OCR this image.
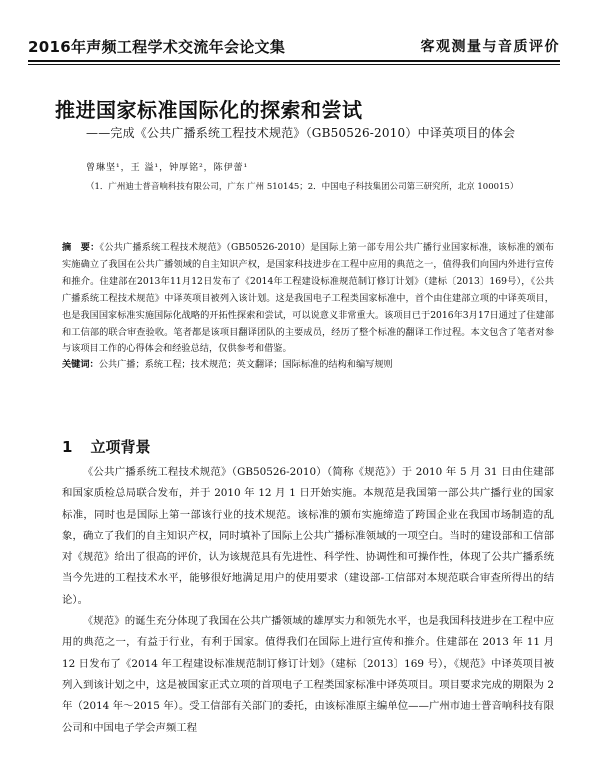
2016年声频工程学术交流年会论文集	客观测量与音质评价
推进国家标准国际化的探索和尝试
——完成《公共广播系统工程技术规范》（GB50526-2010）中译英项目的体会
曾琳坚¹，王 溢¹，钟厚铭²，陈伊蕾¹
（1．广州迪士普音响科技有限公司，广东 广州 510145；2．中国电子科技集团公司第三研究所，北京 100015）
摘　要：《公共广播系统工程技术规范》（GB50526-2010）是国际上第一部专用公共广播行业国家标准，该标准的颁布实施确立了我国在公共广播领域的自主知识产权，是国家科技进步在工程中应用的典范之一，值得我们向国内外进行宣传和推介。住建部在2013年11月12日发布了《2014年工程建设标准规范制订修订计划》（建标〔2013〕169号），《公共广播系统工程技术规范》中译英项目被列入该计划。这是我国电子工程类国家标准中，首个由住建部立项的中译英项目，也是我国国家标准实施国际化战略的开拓性探索和尝试，可以说意义非常重大。该项目已于2016年3月17日通过了住建部和工信部的联合审查验收。笔者都是该项目翻译团队的主要成员，经历了整个标准的翻译工作过程。本文包含了笔者对参与该项目工作的心得体会和经验总结，仅供参考和借鉴。
关键词：公共广播；系统工程；技术规范；英文翻译；国际标准的结构和编写规则
1 立项背景

《公共广播系统工程技术规范》（GB50526-2010）（简称《规范》）于 2010 年 5 月 31 日由住建部和国家质检总局联合发布，并于 2010 年 12 月 1 日开始实施。本规范是我国第一部公共广播行业的国家标准，同时也是国际上第一部该行业的技术规范。该标准的颁布实施缔造了跨国企业在我国市场制造的乱象，确立了我们的自主知识产权，同时填补了国际上公共广播标准领域的一项空白。当时的建设部和工信部对《规范》给出了很高的评价，认为该规范具有先进性、科学性、协调性和可操作性，体现了公共广播系统当今先进的工程技术水平，能够很好地满足用户的使用要求（建设部-工信部对本规范联合审查所得出的结论）。

《规范》的诞生充分体现了我国在公共广播领域的雄厚实力和领先水平，也是我国科技进步在工程中应用的典范之一，有益于行业，有利于国家。值得我们在国际上进行宣传和推介。住建部在 2013 年 11 月 12 日发布了《2014 年工程建设标准规范制订修订计划》（建标〔2013〕169 号），《规范》中译英项目被列入到该计划之中，这是被国家正式立项的首项电子工程类国家标准中译英项目。项目要求完成的期限为 2 年（2014 年～2015 年）。受工信部有关部门的委托，由该标准原主编单位——广州市迪士普音响科技有限公司和中国电子学会声频工程
